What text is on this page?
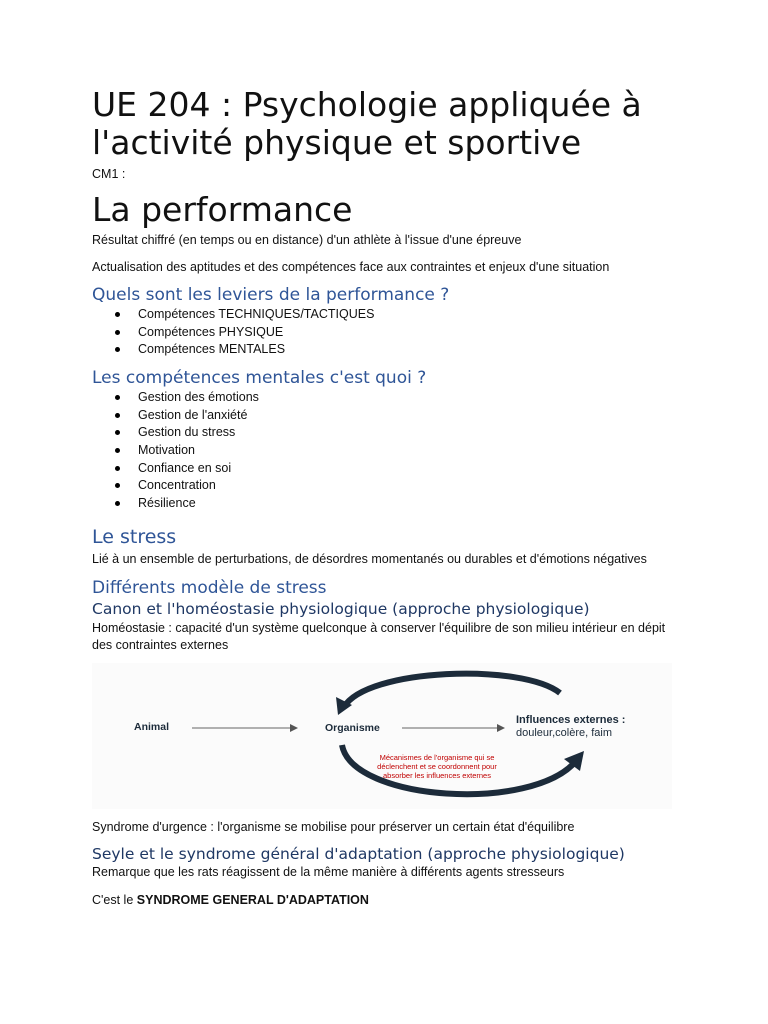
UE 204 : Psychologie appliquée à l'activité physique et sportive
CM1 :
La performance
Résultat chiffré (en temps ou en distance) d'un athlète à l'issue d'une épreuve
Actualisation des aptitudes et des compétences face aux contraintes et enjeux d'une situation
Quels sont les leviers de la performance ?
Compétences TECHNIQUES/TACTIQUES
Compétences PHYSIQUE
Compétences MENTALES
Les compétences mentales c'est quoi ?
Gestion des émotions
Gestion de l'anxiété
Gestion du stress
Motivation
Confiance en soi
Concentration
Résilience
Le stress
Lié à un ensemble de perturbations, de désordres momentanés ou durables et d'émotions négatives
Différents modèle de stress
Canon et l'homéostasie physiologique (approche physiologique)
Homéostasie : capacité d'un système quelconque à conserver l'équilibre de son milieu intérieur en dépit des contraintes externes
Animal	Organisme
Influences externes :
douleur,colère, faim
Mécanismes de l'organisme qui se déclenchent et se coordonnent pour absorber les influences externes
Syndrome d'urgence : l'organisme se mobilise pour préserver un certain état d'équilibre
Seyle et le syndrome général d'adaptation (approche physiologique)
Remarque que les rats réagissent de la même manière à différents agents stresseurs
C'est le SYNDROME GENERAL D'ADAPTATION
